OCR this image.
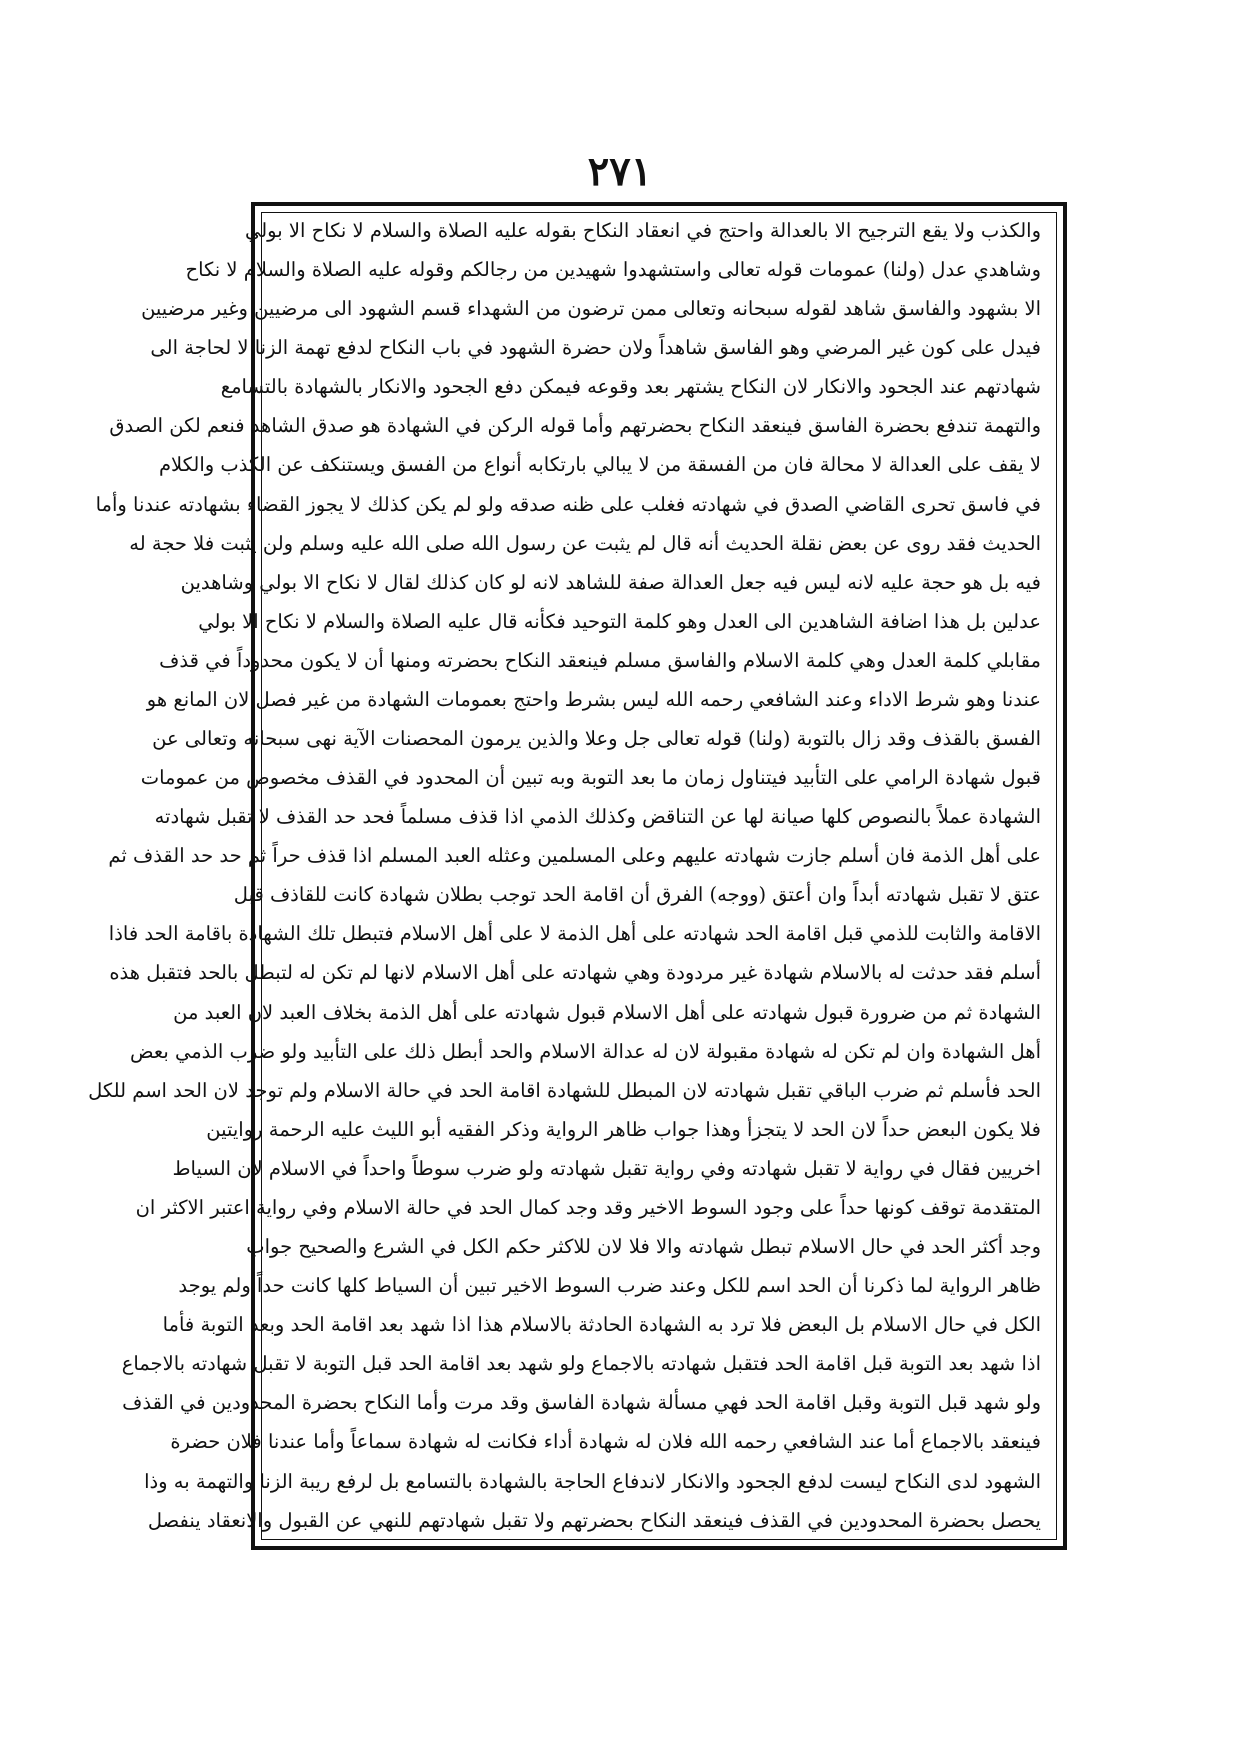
٢٧١
والكذب ولا يقع الترجيح الا بالعدالة واحتج في انعقاد النكاح بقوله عليه الصلاة والسلام لا نكاح الا بولي
وشاهدي عدل (ولنا) عمومات قوله تعالى واستشهدوا شهيدين من رجالكم وقوله عليه الصلاة والسلام لا نكاح
الا بشهود والفاسق شاهد لقوله سبحانه وتعالى ممن ترضون من الشهداء قسم الشهود الى مرضيين وغير مرضيين
فيدل على كون غير المرضي وهو الفاسق شاهداً ولان حضرة الشهود في باب النكاح لدفع تهمة الزنا لا لحاجة الى
شهادتهم عند الجحود والانكار لان النكاح يشتهر بعد وقوعه فيمكن دفع الجحود والانكار بالشهادة بالتسامع
والتهمة تندفع بحضرة الفاسق فينعقد النكاح بحضرتهم وأما قوله الركن في الشهادة هو صدق الشاهد فنعم لكن الصدق
لا يقف على العدالة لا محالة فان من الفسقة من لا يبالي بارتكابه أنواع من الفسق ويستنكف عن الكذب والكلام
في فاسق تحرى القاضي الصدق في شهادته فغلب على ظنه صدقه ولو لم يكن كذلك لا يجوز القضاء بشهادته عندنا وأما
الحديث فقد روى عن بعض نقلة الحديث أنه قال لم يثبت عن رسول الله صلى الله عليه وسلم ولن يثبت فلا حجة له
فيه بل هو حجة عليه لانه ليس فيه جعل العدالة صفة للشاهد لانه لو كان كذلك لقال لا نكاح الا بولي وشاهدين
عدلين بل هذا اضافة الشاهدين الى العدل وهو كلمة التوحيد فكأنه قال عليه الصلاة والسلام لا نكاح الا بولي
مقابلي كلمة العدل وهي كلمة الاسلام والفاسق مسلم فينعقد النكاح بحضرته ومنها أن لا يكون محدوداً في قذف
عندنا وهو شرط الاداء وعند الشافعي رحمه الله ليس بشرط واحتج بعمومات الشهادة من غير فصل لان المانع هو
الفسق بالقذف وقد زال بالتوبة (ولنا) قوله تعالى جل وعلا والذين يرمون المحصنات الآية نهى سبحانه وتعالى عن
قبول شهادة الرامي على التأبيد فيتناول زمان ما بعد التوبة وبه تبين أن المحدود في القذف مخصوص من عمومات
الشهادة عملاً بالنصوص كلها صيانة لها عن التناقض وكذلك الذمي اذا قذف مسلماً فحد حد القذف لا تقبل شهادته
على أهل الذمة فان أسلم جازت شهادته عليهم وعلى المسلمين وعثله العبد المسلم اذا قذف حراً ثم حد حد القذف ثم
عتق لا تقبل شهادته أبداً وان أعتق (ووجه) الفرق أن اقامة الحد توجب بطلان شهادة كانت للقاذف قبل
الاقامة والثابت للذمي قبل اقامة الحد شهادته على أهل الذمة لا على أهل الاسلام فتبطل تلك الشهادة باقامة الحد فاذا
أسلم فقد حدثت له بالاسلام شهادة غير مردودة وهي شهادته على أهل الاسلام لانها لم تكن له لتبطل بالحد فتقبل هذه
الشهادة ثم من ضرورة قبول شهادته على أهل الاسلام قبول شهادته على أهل الذمة بخلاف العبد لان العبد من
أهل الشهادة وان لم تكن له شهادة مقبولة لان له عدالة الاسلام والحد أبطل ذلك على التأبيد ولو ضرب الذمي بعض
الحد فأسلم ثم ضرب الباقي تقبل شهادته لان المبطل للشهادة اقامة الحد في حالة الاسلام ولم توجد لان الحد اسم للكل
فلا يكون البعض حداً لان الحد لا يتجزأ وهذا جواب ظاهر الرواية وذكر الفقيه أبو الليث عليه الرحمة روايتين
اخريين فقال في رواية لا تقبل شهادته وفي رواية تقبل شهادته ولو ضرب سوطاً واحداً في الاسلام لان السياط
المتقدمة توقف كونها حداً على وجود السوط الاخير وقد وجد كمال الحد في حالة الاسلام وفي رواية اعتبر الاكثر ان
وجد أكثر الحد في حال الاسلام تبطل شهادته والا فلا لان للاكثر حكم الكل في الشرع والصحيح جواب
ظاهر الرواية لما ذكرنا أن الحد اسم للكل وعند ضرب السوط الاخير تبين أن السياط كلها كانت حداً ولم يوجد
الكل في حال الاسلام بل البعض فلا ترد به الشهادة الحادثة بالاسلام هذا اذا شهد بعد اقامة الحد وبعد التوبة فأما
اذا شهد بعد التوبة قبل اقامة الحد فتقبل شهادته بالاجماع ولو شهد بعد اقامة الحد قبل التوبة لا تقبل شهادته بالاجماع
ولو شهد قبل التوبة وقبل اقامة الحد فهي مسألة شهادة الفاسق وقد مرت وأما النكاح بحضرة المحدودين في القذف
فينعقد بالاجماع أما عند الشافعي رحمه الله فلان له شهادة أداء فكانت له شهادة سماعاً وأما عندنا فلان حضرة
الشهود لدى النكاح ليست لدفع الجحود والانكار لاندفاع الحاجة بالشهادة بالتسامع بل لرفع ريبة الزنا والتهمة به وذا
يحصل بحضرة المحدودين في القذف فينعقد النكاح بحضرتهم ولا تقبل شهادتهم للنهي عن القبول والانعقاد ينفصل
